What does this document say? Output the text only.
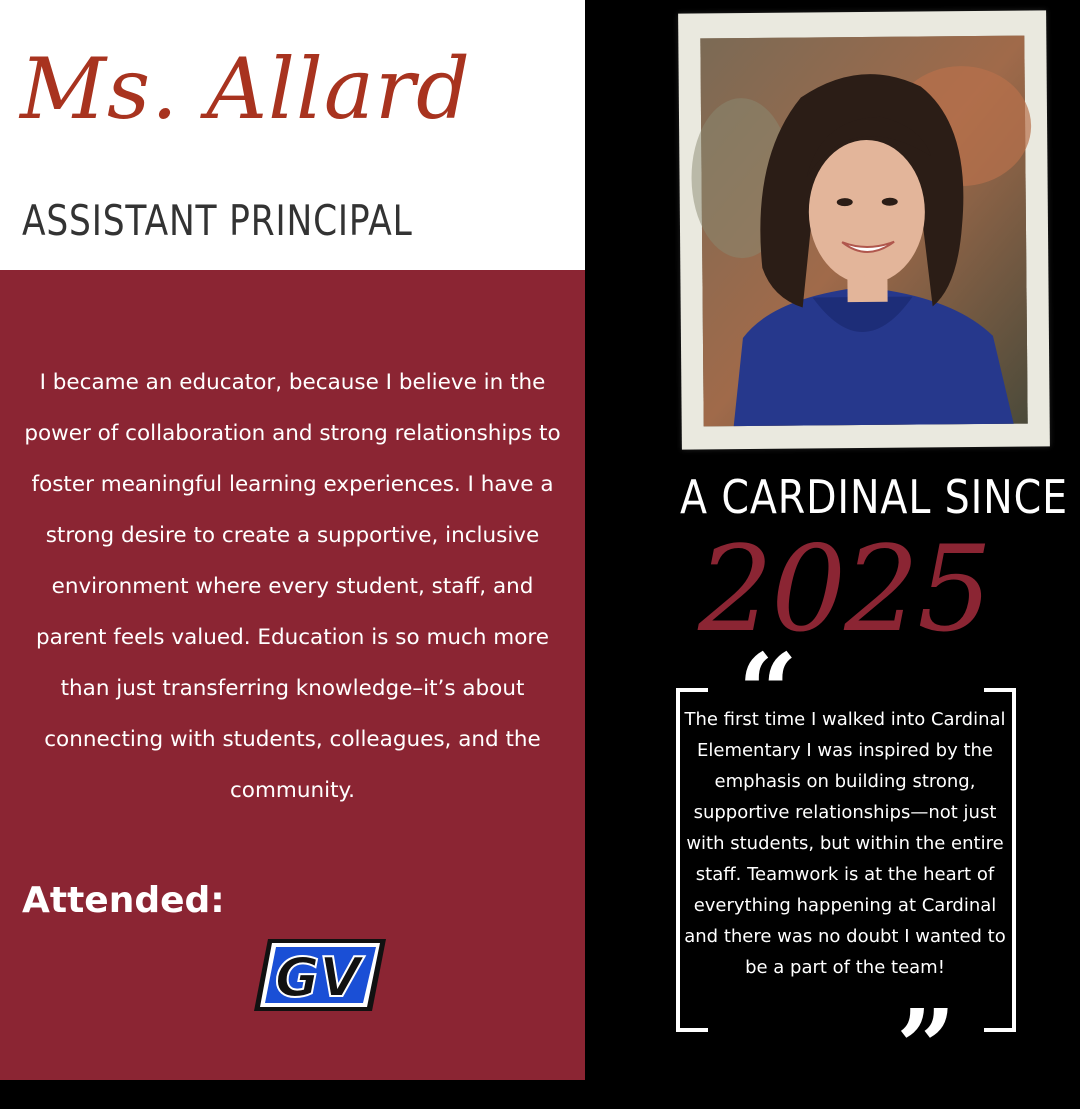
Ms. Allard
ASSISTANT PRINCIPAL
I became an educator, because I believe in the power of collaboration and strong relationships to foster meaningful learning experiences. I have a strong desire to create a supportive, inclusive environment where every student, staff, and parent feels valued. Education is so much more than just transferring knowledge–it’s about connecting with students, colleagues, and the community.
Attended:
GV
A CARDINAL SINCE
2025
“
The first time I walked into Cardinal Elementary I was inspired by the emphasis on building strong, supportive relationships—not just with students, but within the entire staff. Teamwork is at the heart of everything happening at Cardinal and there was no doubt I wanted to be a part of the team!
”
